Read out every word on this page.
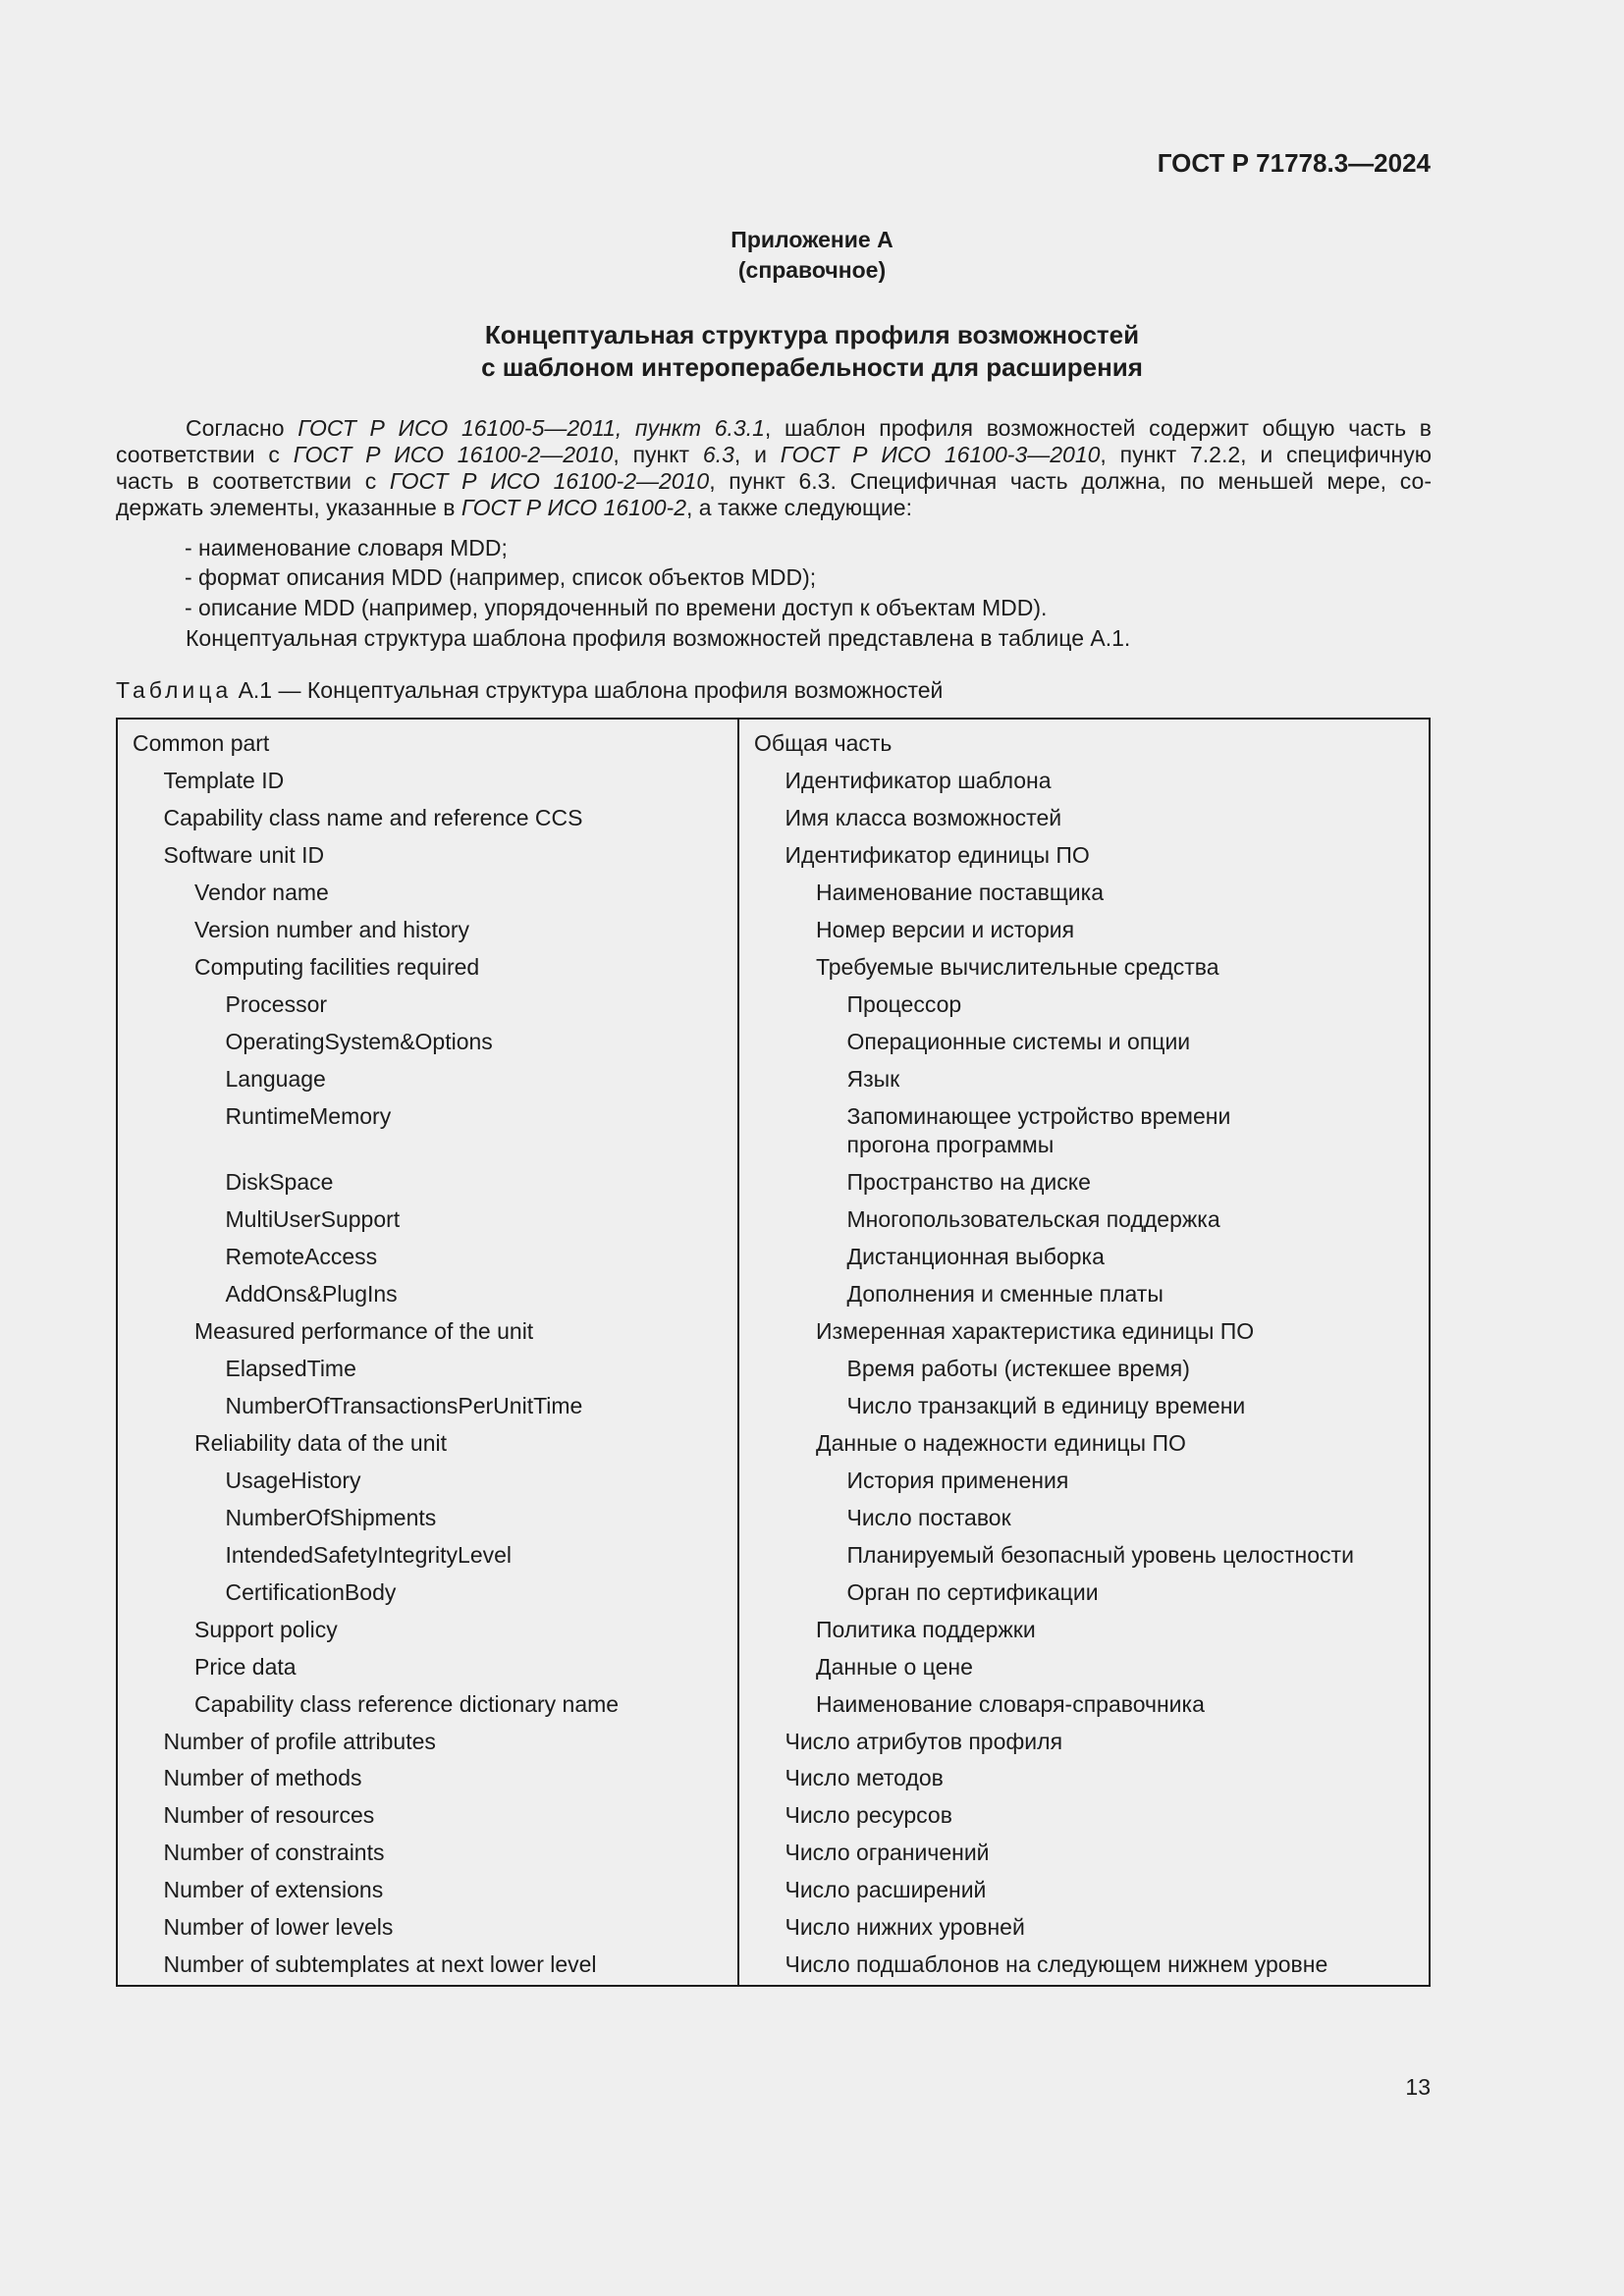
ГОСТ Р 71778.3—2024
Приложение А
(справочное)
Концептуальная структура профиля возможностей
с шаблоном интероперабельности для расширения
Согласно ГОСТ Р ИСО 16100-5—2011, пункт 6.3.1, шаблон профиля возможностей содержит общую часть в
соответствии с ГОСТ Р ИСО 16100-2—2010, пункт 6.3, и ГОСТ Р ИСО 16100-3—2010, пункт 7.2.2, и специфичную
часть в соответствии с ГОСТ Р ИСО 16100-2—2010, пункт 6.3. Специфичная часть должна, по меньшей мере, со-
держать элементы, указанные в ГОСТ Р ИСО 16100-2, а также следующие:
- наименование словаря MDD;
- формат описания MDD (например, список объектов MDD);
- описание MDD (например, упорядоченный по времени доступ к объектам MDD).
Концептуальная структура шаблона профиля возможностей представлена в таблице А.1.
Таблица А.1 — Концептуальная структура шаблона профиля возможностей
Common part	Общая часть
Template ID	Идентификатор шаблона
Capability class name and reference CCS	Имя класса возможностей
Software unit ID	Идентификатор единицы ПО
Vendor name	Наименование поставщика
Version number and history	Номер версии и история
Computing facilities required	Требуемые вычислительные средства
Processor	Процессор
OperatingSystem&Options	Операционные системы и опции
Language	Язык
RuntimeMemory	Запоминающее устройство времени
прогона программы
DiskSpace	Пространство на диске
MultiUserSupport	Многопользовательская поддержка
RemoteAccess	Дистанционная выборка
AddOns&PlugIns	Дополнения и сменные платы
Measured performance of the unit	Измеренная характеристика единицы ПО
ElapsedTime	Время работы (истекшее время)
NumberOfTransactionsPerUnitTime	Число транзакций в единицу времени
Reliability data of the unit	Данные о надежности единицы ПО
UsageHistory	История применения
NumberOfShipments	Число поставок
IntendedSafetyIntegrityLevel	Планируемый безопасный уровень целостности
CertificationBody	Орган по сертификации
Support policy	Политика поддержки
Price data	Данные о цене
Capability class reference dictionary name	Наименование словаря-справочника
Number of profile attributes	Число атрибутов профиля
Number of methods	Число методов
Number of resources	Число ресурсов
Number of constraints	Число ограничений
Number of extensions	Число расширений
Number of lower levels	Число нижних уровней
Number of subtemplates at next lower level	Число подшаблонов на следующем нижнем уровне
13
